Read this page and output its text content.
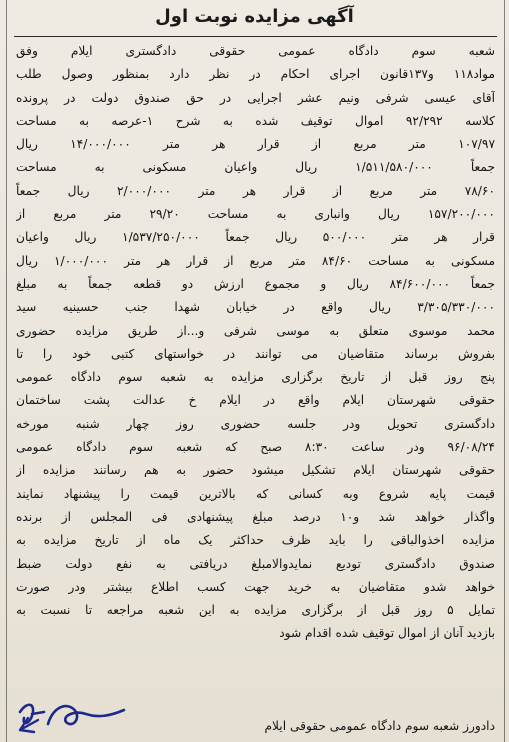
آگهی مزایده نوبت اول
شعبه سوم دادگاه عمومی حقوقی دادگستری ایلام وفق
مواد۱۱۸ و۱۳۷قانون اجرای احکام در نظر دارد بمنظور وصول طلب
آقای عیسی شرفی ونیم عشر اجرایی در حق صندوق دولت در پرونده
کلاسه ۹۲/۲۹۲ اموال توقیف شده به شرح ۱-عرصه به مساحت
۱۰۷/۹۷ متر مربع از قرار هر متر ۱۴/۰۰۰/۰۰۰ ریال
جمعاً ۱/۵۱۱/۵۸۰/۰۰۰ ریال واعیان مسکونی به مساحت
۷۸/۶۰ متر مربع از قرار هر متر ۲/۰۰۰/۰۰۰ ریال جمعاً
۱۵۷/۲۰۰/۰۰۰ ریال وانباری به مساحت ۲۹/۲۰ متر مربع از
قرار هر متر ۵۰۰/۰۰۰ ریال جمعاً ۱/۵۳۷/۲۵۰/۰۰۰ ریال واعیان
مسکونی به مساحت ۸۴/۶۰ متر مربع از قرار هر متر ۱/۰۰۰/۰۰۰ ریال
جمعاً ۸۴/۶۰۰/۰۰۰ ریال و مجموع ارزش دو قطعه جمعاً به مبلغ
۳/۳۰۵/۳۳۰/۰۰۰ ریال واقع در خیابان شهدا جنب حسینیه سید
محمد موسوی متعلق به موسی شرفی و...از طریق مزایده حضوری
بفروش برساند متقاضیان می توانند در خواستهای کتبی خود را تا
پنج روز قبل از تاریخ برگزاری مزایده به شعبه سوم دادگاه عمومی
حقوقی شهرستان ایلام واقع در ایلام خ عدالت پشت ساختمان
دادگستری تحویل ودر جلسه حضوری روز چهار شنبه مورخه
۹۶/۰۸/۲۴ ودر ساعت ۸:۳۰ صبح که شعبه سوم دادگاه عمومی
حقوقی شهرستان ایلام تشکیل میشود حضور به هم رسانند مزایده از
قیمت پایه شروع وبه کسانی که بالاترین قیمت را پیشنهاد نمایند
واگذار خواهد شد و۱۰ درصد مبلغ پیشنهادی فی المجلس از برنده
مزایده اخذوالباقی را باید ظرف حداکثر یک ماه از تاریخ مزایده به
صندوق دادگستری تودیع نمایدوالامبلغ دریافتی به نفع دولت ضبط
خواهد شدو متقاضیان به خرید جهت کسب اطلاع بیشتر ودر صورت
تمایل ۵ روز قبل از برگزاری مزایده به این شعبه مراجعه تا نسبت به
بازدید آنان از اموال توقیف شده اقدام شود
دادورز شعبه سوم دادگاه عمومی حقوقی ایلام
